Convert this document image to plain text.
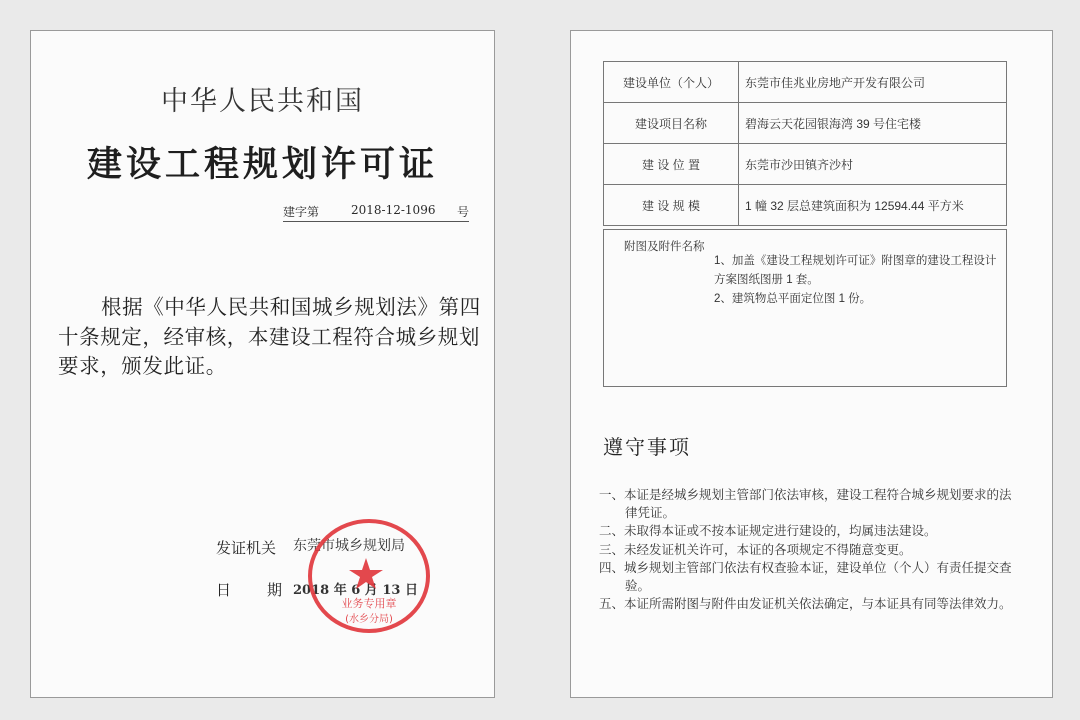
中华人民共和国
建设工程规划许可证
建字第	2018-12-1096 号
根据《中华人民共和国城乡规划法》第四十条规定，经审核，本建设工程符合城乡规划要求，颁发此证。
发证机关 东莞市城乡规划局
日　　期 2018 年 6 月 13 日
业务专用章
(水乡分局)
建设单位（个人）	东莞市佳兆业房地产开发有限公司
建设项目名称	碧海云天花园银海湾 39 号住宅楼
建 设 位 置	东莞市沙田镇齐沙村
建 设 规 模	1 幢 32 层总建筑面积为 12594.44 平方米
附图及附件名称
1、加盖《建设工程规划许可证》附图章的建设工程设计方案图纸图册 1 套。
2、建筑物总平面定位图 1 份。
遵守事项
一、本证是经城乡规划主管部门依法审核，建设工程符合城乡规划要求的法律凭证。
二、未取得本证或不按本证规定进行建设的，均属违法建设。
三、未经发证机关许可，本证的各项规定不得随意变更。
四、城乡规划主管部门依法有权查验本证，建设单位（个人）有责任提交查验。
五、本证所需附图与附件由发证机关依法确定，与本证具有同等法律效力。
